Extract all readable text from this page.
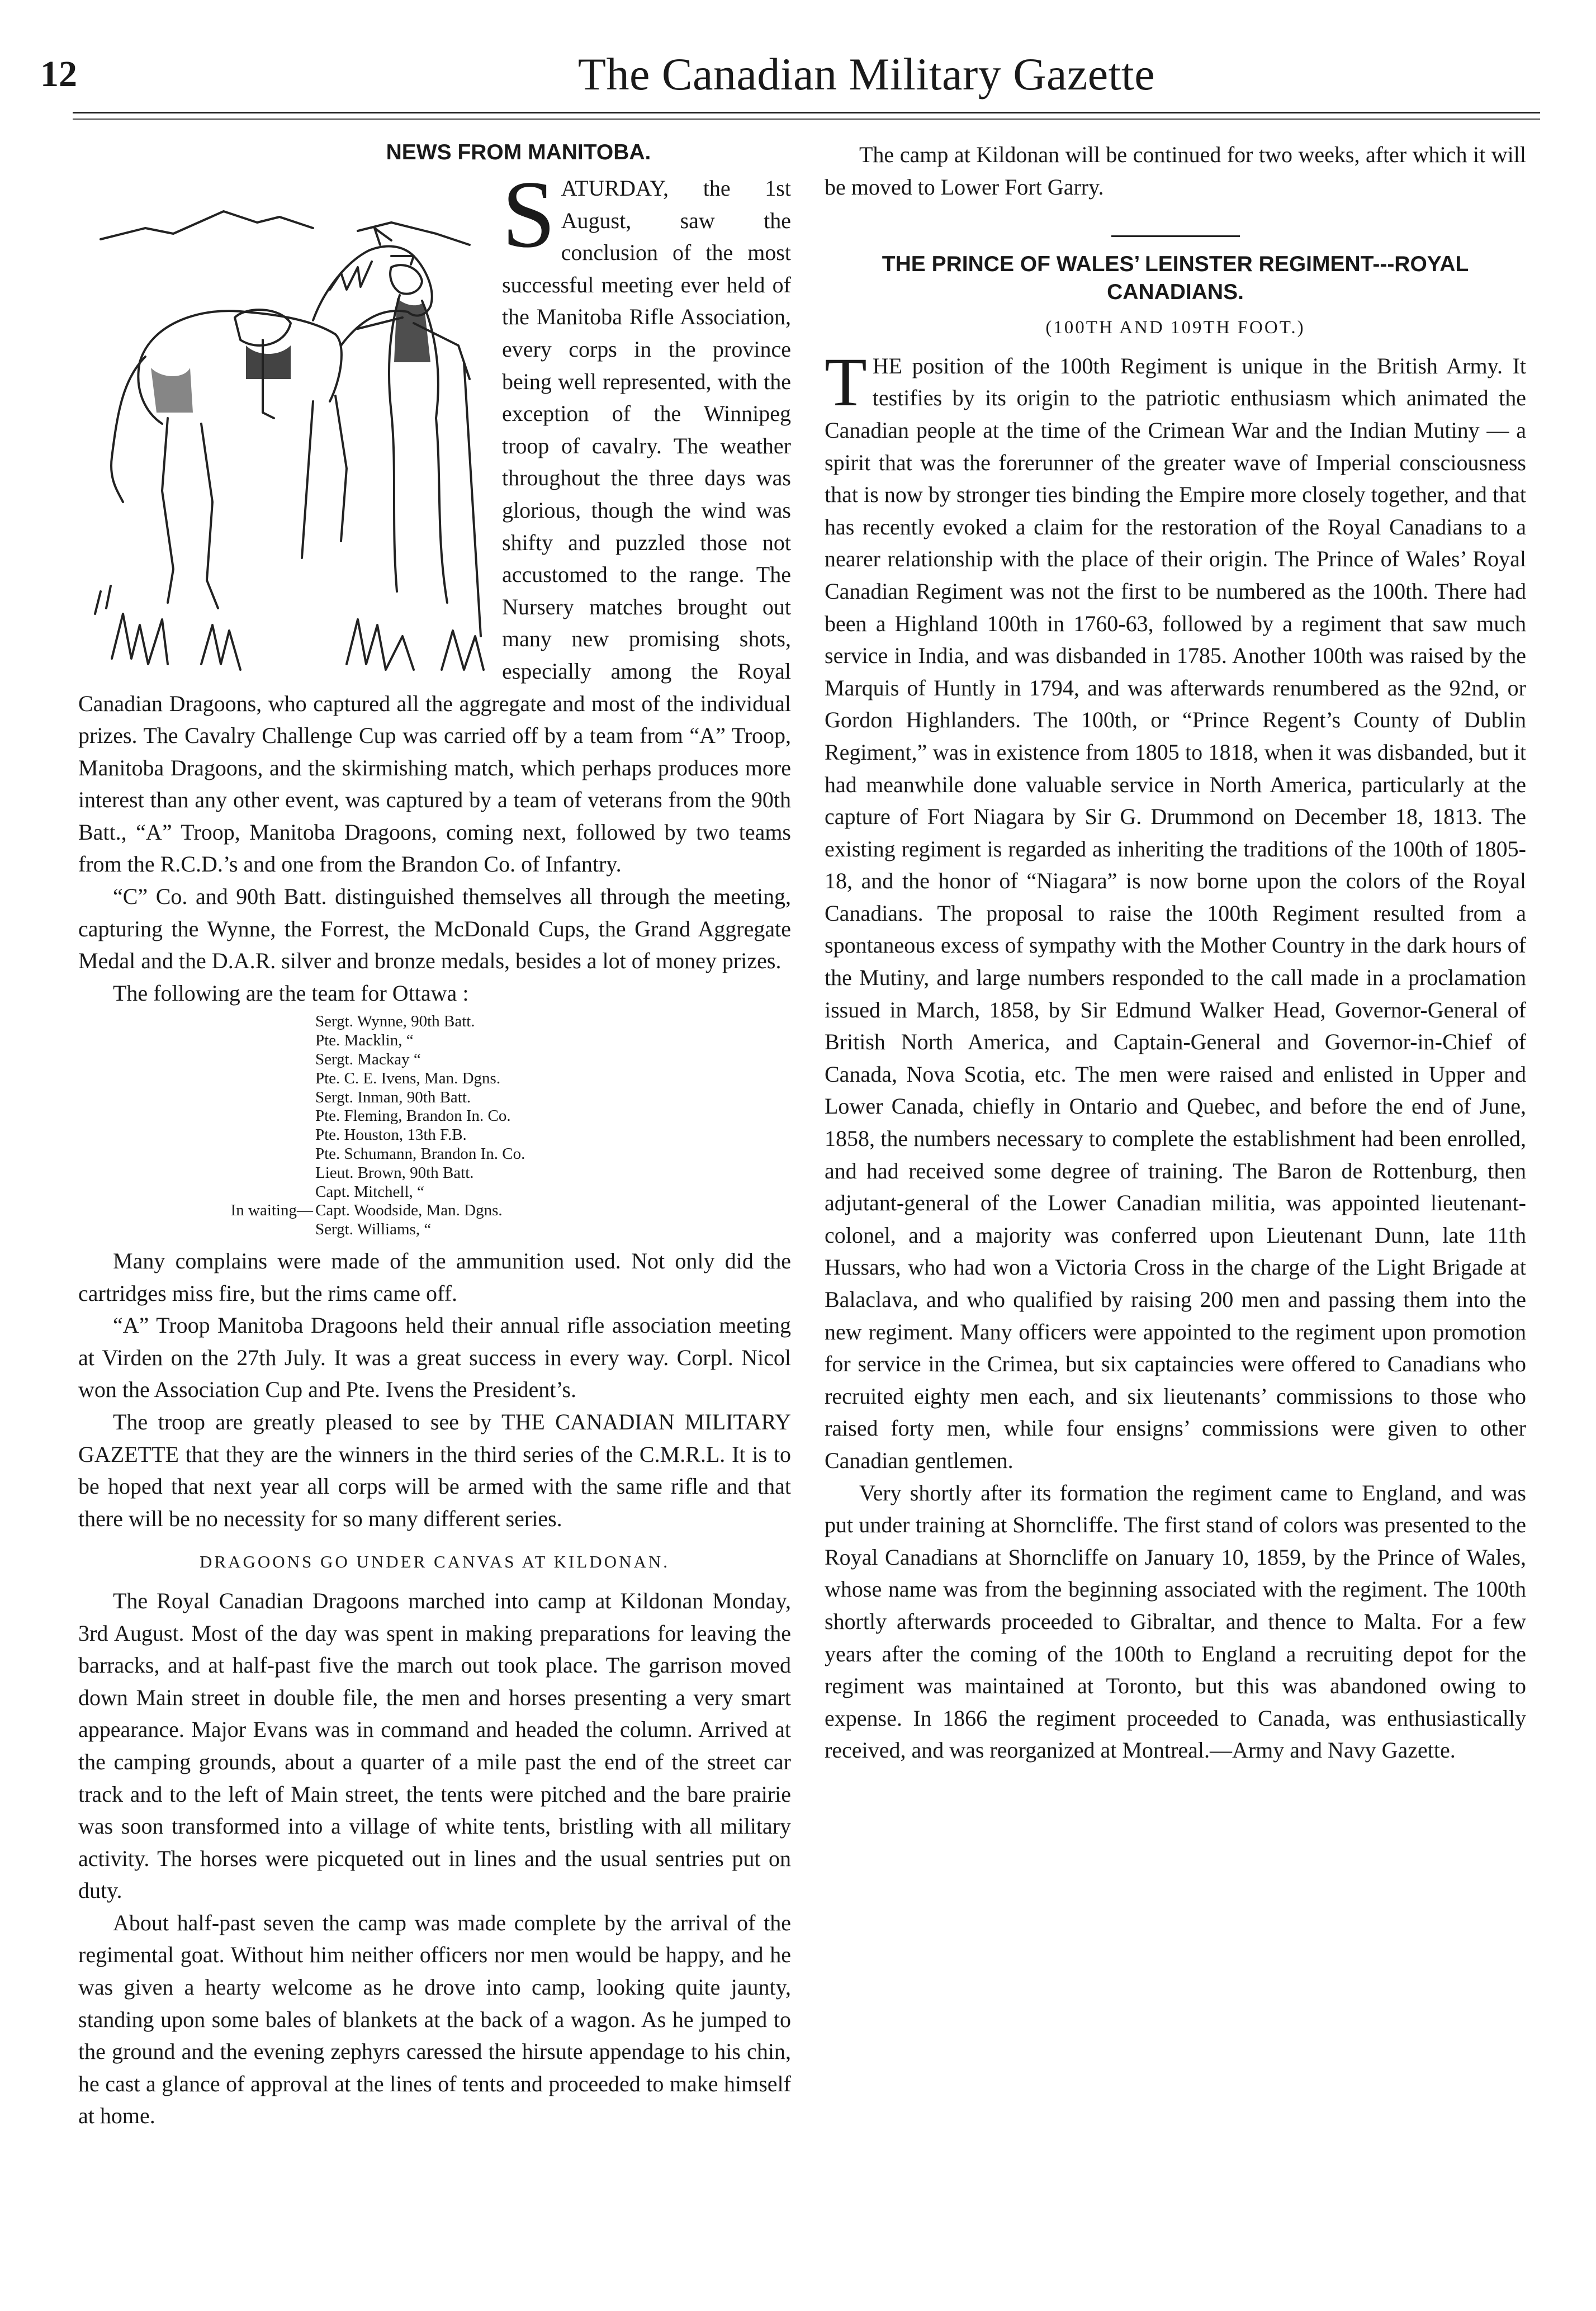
12	The Canadian Military Gazette
NEWS FROM MANITOBA.

SATURDAY, the 1st August, saw the conclusion of the most successful meeting ever held of the Manitoba Rifle Association, every corps in the province being well represented, with the exception of the Winnipeg troop of cavalry. The weather throughout the three days was glorious, though the wind was shifty and puzzled those not accustomed to the range. The Nursery matches brought out many new promising shots, especially among the Royal Canadian Dragoons, who captured all the aggregate and most of the individual prizes. The Cavalry Challenge Cup was carried off by a team from “A” Troop, Manitoba Dragoons, and the skirmishing match, which perhaps produces more interest than any other event, was captured by a team of veterans from the 90th Batt., “A” Troop, Manitoba Dragoons, coming next, followed by two teams from the R.C.D.’s and one from the Brandon Co. of Infantry.

“C” Co. and 90th Batt. distinguished themselves all through the meeting, capturing the Wynne, the Forrest, the McDonald Cups, the Grand Aggregate Medal and the D.A.R. silver and bronze medals, besides a lot of money prizes.

The following are the team for Ottawa :

Sergt. Wynne, 90th Batt.
Pte. Macklin, “
Sergt. Mackay “
Pte. C. E. Ivens, Man. Dgns.
Sergt. Inman, 90th Batt.
Pte. Fleming, Brandon In. Co.
Pte. Houston, 13th F.B.
Pte. Schumann, Brandon In. Co.
Lieut. Brown, 90th Batt.
Capt. Mitchell, “
In waiting— Capt. Woodside, Man. Dgns.
Sergt. Williams, “

Many complains were made of the ammunition used. Not only did the cartridges miss fire, but the rims came off.

“A” Troop Manitoba Dragoons held their annual rifle association meeting at Virden on the 27th July. It was a great success in every way. Corpl. Nicol won the Association Cup and Pte. Ivens the President’s.

The troop are greatly pleased to see by THE CANADIAN MILITARY GAZETTE that they are the winners in the third series of the C.M.R.L. It is to be hoped that next year all corps will be armed with the same rifle and that there will be no necessity for so many different series.

DRAGOONS GO UNDER CANVAS AT KILDONAN.

The Royal Canadian Dragoons marched into camp at Kildonan Monday, 3rd August. Most of the day was spent in making preparations for leaving the barracks, and at half-past five the march out took place. The garrison moved down Main street in double file, the men and horses presenting a very smart appearance. Major Evans was in command and headed the column. Arrived at the camping grounds, about a quarter of a mile past the end of the street car track and to the left of Main street, the tents were pitched and the bare prairie was soon transformed into a village of white tents, bristling with all military activity. The horses were picqueted out in lines and the usual sentries put on duty.

About half-past seven the camp was made complete by the arrival of the regimental goat. Without him neither officers nor men would be happy, and he was given a hearty welcome as he drove into camp, looking quite jaunty, standing upon some bales of blankets at the back of a wagon. As he jumped to the ground and the evening zephyrs caressed the hirsute appendage to his chin, he cast a glance of approval at the lines of tents and proceeded to make himself at home.

The camp at Kildonan will be continued for two weeks, after which it will be moved to Lower Fort Garry.

THE PRINCE OF WALES’ LEINSTER REGIMENT---ROYAL CANADIANS.
(100TH AND 109TH FOOT.)

THE position of the 100th Regiment is unique in the British Army. It testifies by its origin to the patriotic enthusiasm which animated the Canadian people at the time of the Crimean War and the Indian Mutiny — a spirit that was the forerunner of the greater wave of Imperial consciousness that is now by stronger ties binding the Empire more closely together, and that has recently evoked a claim for the restoration of the Royal Canadians to a nearer relationship with the place of their origin. The Prince of Wales’ Royal Canadian Regiment was not the first to be numbered as the 100th. There had been a Highland 100th in 1760-63, followed by a regiment that saw much service in India, and was disbanded in 1785. Another 100th was raised by the Marquis of Huntly in 1794, and was afterwards renumbered as the 92nd, or Gordon Highlanders. The 100th, or “Prince Regent’s County of Dublin Regiment,” was in existence from 1805 to 1818, when it was disbanded, but it had meanwhile done valuable service in North America, particularly at the capture of Fort Niagara by Sir G. Drummond on December 18, 1813. The existing regiment is regarded as inheriting the traditions of the 100th of 1805-18, and the honor of “Niagara” is now borne upon the colors of the Royal Canadians. The proposal to raise the 100th Regiment resulted from a spontaneous excess of sympathy with the Mother Country in the dark hours of the Mutiny, and large numbers responded to the call made in a proclamation issued in March, 1858, by Sir Edmund Walker Head, Governor-General of British North America, and Captain-General and Governor-in-Chief of Canada, Nova Scotia, etc. The men were raised and enlisted in Upper and Lower Canada, chiefly in Ontario and Quebec, and before the end of June, 1858, the numbers necessary to complete the establishment had been enrolled, and had received some degree of training. The Baron de Rottenburg, then adjutant-general of the Lower Canadian militia, was appointed lieutenant-colonel, and a majority was conferred upon Lieutenant Dunn, late 11th Hussars, who had won a Victoria Cross in the charge of the Light Brigade at Balaclava, and who qualified by raising 200 men and passing them into the new regiment. Many officers were appointed to the regiment upon promotion for service in the Crimea, but six captaincies were offered to Canadians who recruited eighty men each, and six lieutenants’ commissions to those who raised forty men, while four ensigns’ commissions were given to other Canadian gentlemen.

Very shortly after its formation the regiment came to England, and was put under training at Shorncliffe. The first stand of colors was presented to the Royal Canadians at Shorncliffe on January 10, 1859, by the Prince of Wales, whose name was from the beginning associated with the regiment. The 100th shortly afterwards proceeded to Gibraltar, and thence to Malta. For a few years after the coming of the 100th to England a recruiting depot for the regiment was maintained at Toronto, but this was abandoned owing to expense. In 1866 the regiment proceeded to Canada, was enthusiastically received, and was reorganized at Montreal.—Army and Navy Gazette.
